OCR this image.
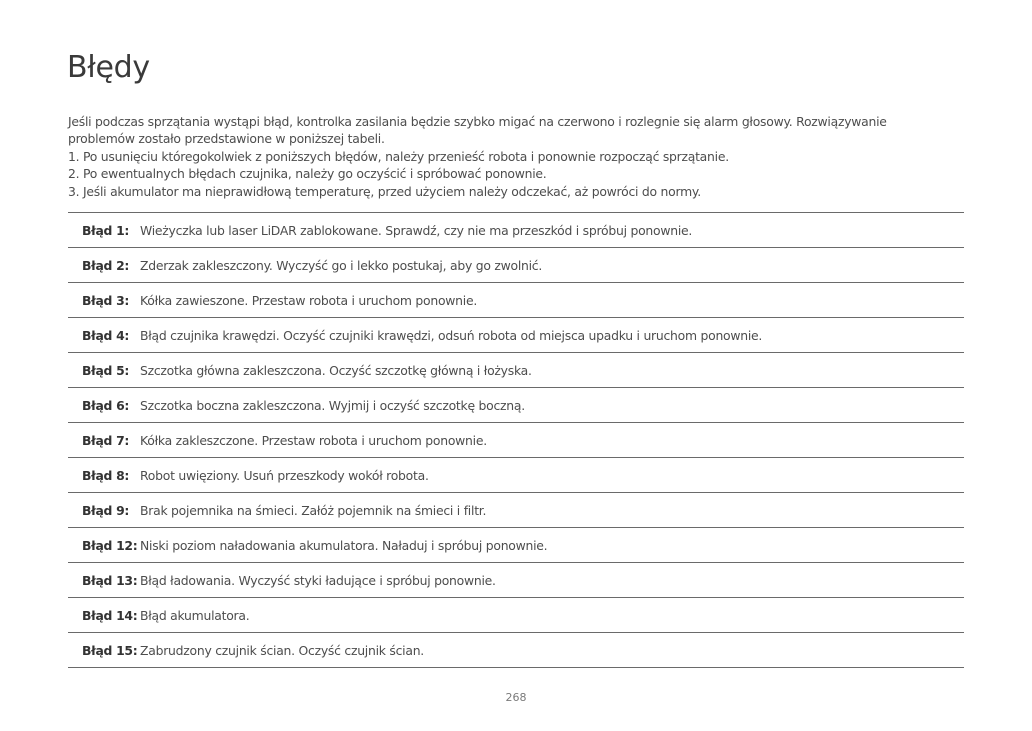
Błędy
Jeśli podczas sprzątania wystąpi błąd, kontrolka zasilania będzie szybko migać na czerwono i rozlegnie się alarm głosowy. Rozwiązywanie problemów zostało przedstawione w poniższej tabeli.
1. Po usunięciu któregokolwiek z poniższych błędów, należy przenieść robota i ponownie rozpocząć sprzątanie.
2. Po ewentualnych błędach czujnika, należy go oczyścić i spróbować ponownie.
3. Jeśli akumulator ma nieprawidłową temperaturę, przed użyciem należy odczekać, aż powróci do normy.
Błąd 1: Wieżyczka lub laser LiDAR zablokowane. Sprawdź, czy nie ma przeszkód i spróbuj ponownie.
Błąd 2: Zderzak zakleszczony. Wyczyść go i lekko postukaj, aby go zwolnić.
Błąd 3: Kółka zawieszone. Przestaw robota i uruchom ponownie.
Błąd 4: Błąd czujnika krawędzi. Oczyść czujniki krawędzi, odsuń robota od miejsca upadku i uruchom ponownie.
Błąd 5: Szczotka główna zakleszczona. Oczyść szczotkę główną i łożyska.
Błąd 6: Szczotka boczna zakleszczona. Wyjmij i oczyść szczotkę boczną.
Błąd 7: Kółka zakleszczone. Przestaw robota i uruchom ponownie.
Błąd 8: Robot uwięziony. Usuń przeszkody wokół robota.
Błąd 9: Brak pojemnika na śmieci. Załóż pojemnik na śmieci i filtr.
Błąd 12: Niski poziom naładowania akumulatora. Naładuj i spróbuj ponownie.
Błąd 13: Błąd ładowania. Wyczyść styki ładujące i spróbuj ponownie.
Błąd 14: Błąd akumulatora.
Błąd 15: Zabrudzony czujnik ścian. Oczyść czujnik ścian.
268
